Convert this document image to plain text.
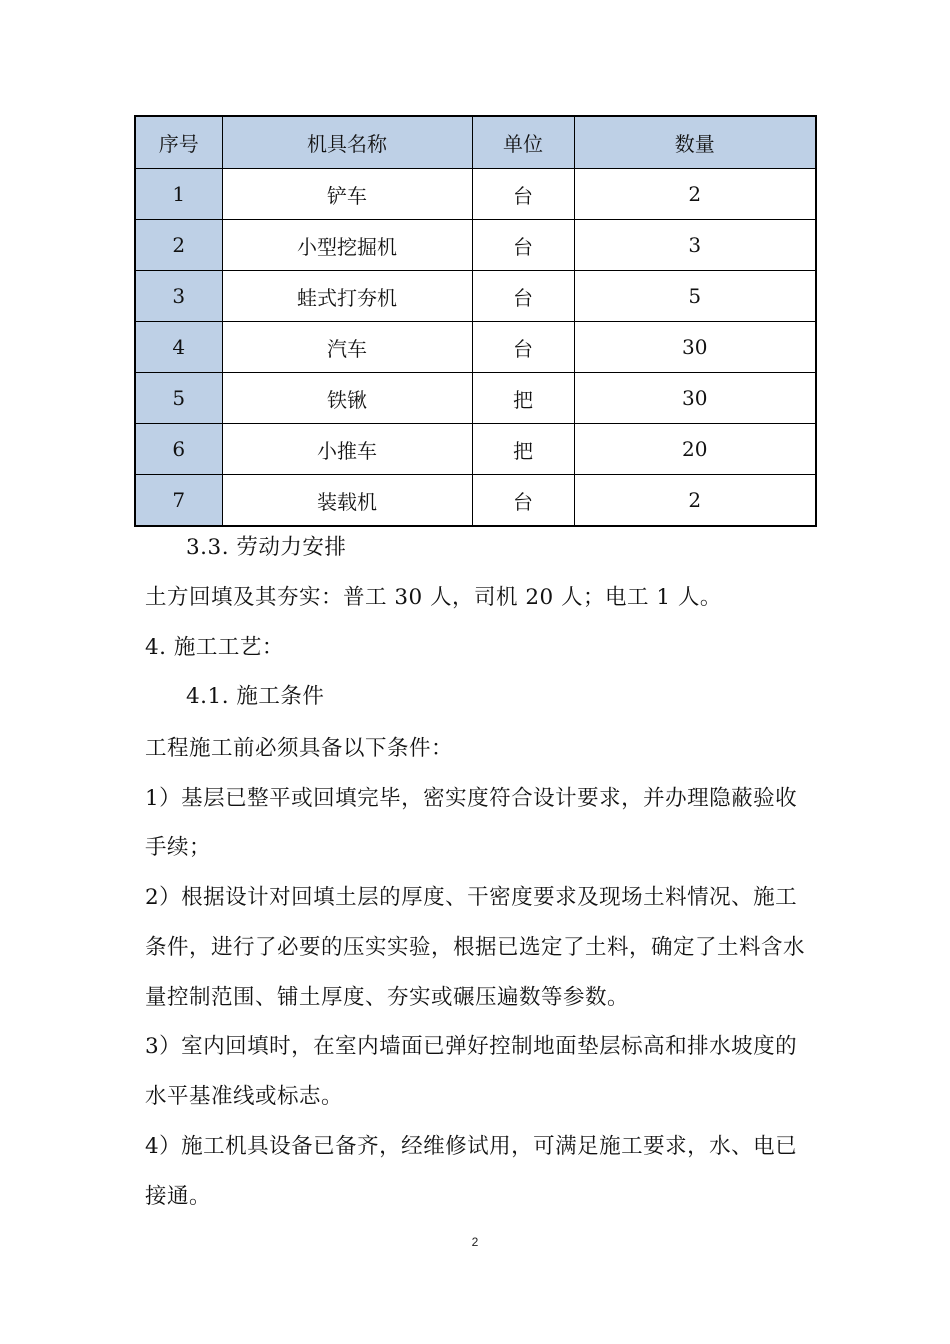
序号	机具名称	单位	数量
1	铲车	台	2
2	小型挖掘机	台	3
3	蛙式打夯机	台	5
4	汽车	台	30
5	铁锹	把	30
6	小推车	把	20
7	装载机	台	2
3.3. 劳动力安排
土方回填及其夯实：普工 30 人，司机 20 人；电工 1 人。
4. 施工工艺：
4.1. 施工条件
工程施工前必须具备以下条件：
1）基层已整平或回填完毕，密实度符合设计要求，并办理隐蔽验收
手续；
2）根据设计对回填土层的厚度、干密度要求及现场土料情况、施工
条件，进行了必要的压实实验，根据已选定了土料，确定了土料含水
量控制范围、铺土厚度、夯实或碾压遍数等参数。
3）室内回填时，在室内墙面已弹好控制地面垫层标高和排水坡度的
水平基准线或标志。
4）施工机具设备已备齐，经维修试用，可满足施工要求，水、电已
接通。
2
